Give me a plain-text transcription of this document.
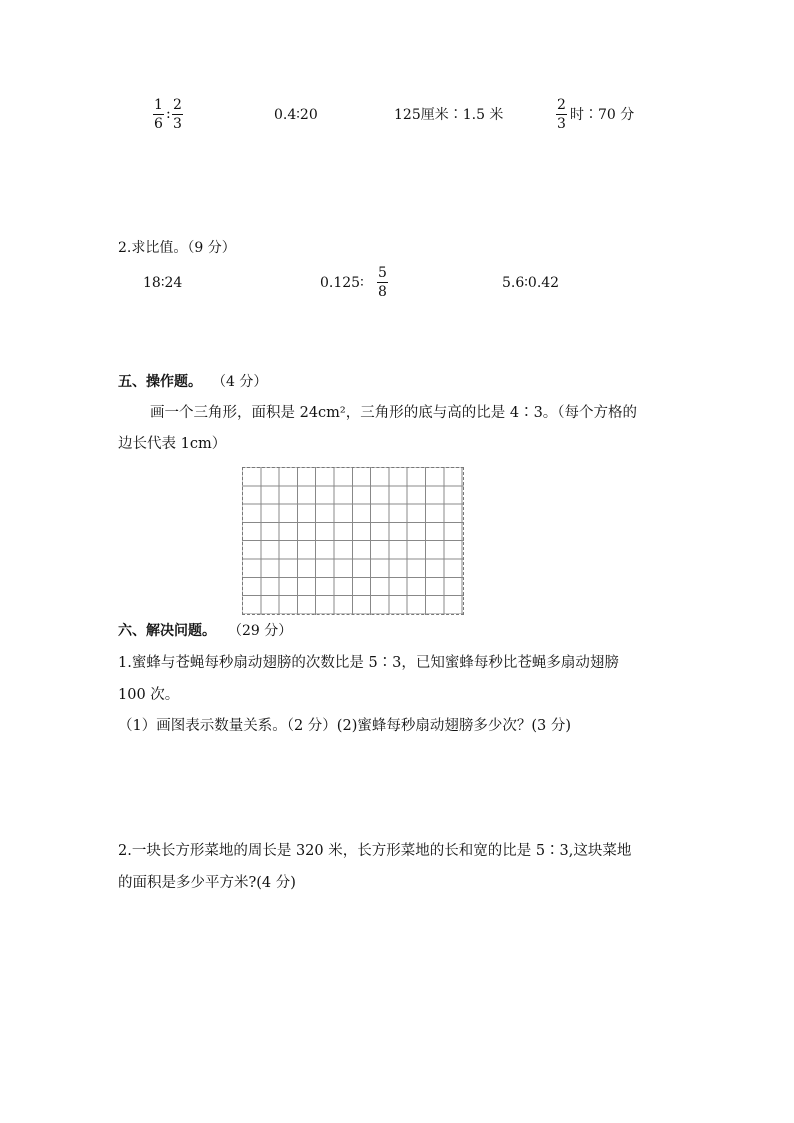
1
6
:
2
3
0.4∶20	125厘米∶1.5 米
2
3
时∶70 分
2.求比值。（9 分）
18∶24	0.125∶
5
8
5.6∶0.42
五、操作题。 （4 分）
画一个三角形，面积是 24cm²，三角形的底与高的比是 4∶3。（每个方格的
边长代表 1cm）
六、解决问题。 （29 分）
1.蜜蜂与苍蝇每秒扇动翅膀的次数比是 5∶3，已知蜜蜂每秒比苍蝇多扇动翅膀
100 次。
（1）画图表示数量关系。（2 分）(2)蜜蜂每秒扇动翅膀多少次？(3 分)
2.一块长方形菜地的周长是 320 米，长方形菜地的长和宽的比是 5∶3,这块菜地
的面积是多少平方米?(4 分)
